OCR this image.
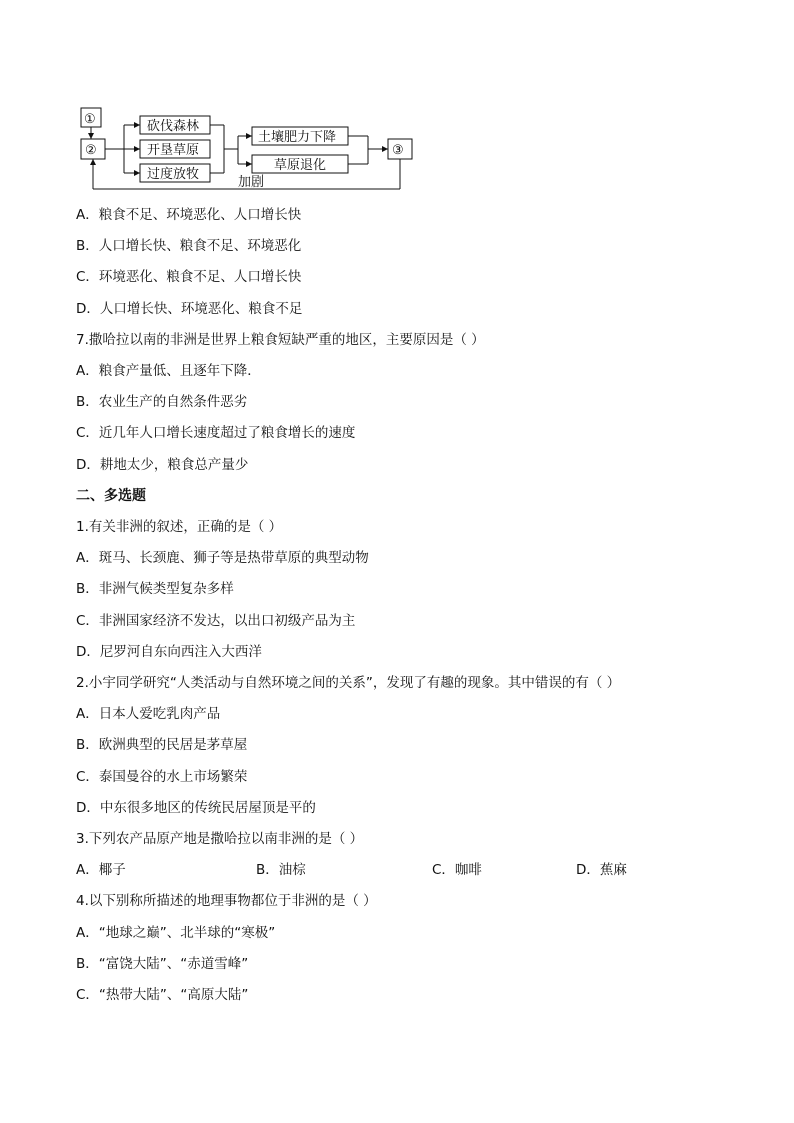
①
②	③
砍伐森林
开垦草原
过度放牧
土壤肥力下降
草原退化
加剧
A．粮食不足、环境恶化、人口增长快
B．人口增长快、粮食不足、环境恶化
C．环境恶化、粮食不足、人口增长快
D．人口增长快、环境恶化、粮食不足
7.撒哈拉以南的非洲是世界上粮食短缺严重的地区，主要原因是（ ）
A．粮食产量低、且逐年下降．
B．农业生产的自然条件恶劣
C．近几年人口增长速度超过了粮食增长的速度
D．耕地太少，粮食总产量少
二、多选题
1.有关非洲的叙述，正确的是（ ）
A．斑马、长颈鹿、狮子等是热带草原的典型动物
B．非洲气候类型复杂多样
C．非洲国家经济不发达，以出口初级产品为主
D．尼罗河自东向西注入大西洋
2.小宇同学研究“人类活动与自然环境之间的关系”，发现了有趣的现象。其中错误的有（ ）
A．日本人爱吃乳肉产品
B．欧洲典型的民居是茅草屋
C．泰国曼谷的水上市场繁荣
D．中东很多地区的传统民居屋顶是平的
3.下列农产品原产地是撒哈拉以南非洲的是（ ）
A．椰子	B．油棕	C．咖啡	D．蕉麻
4.以下别称所描述的地理事物都位于非洲的是（ ）
A．“地球之巅”、北半球的“寒极”
B．“富饶大陆”、“赤道雪峰”
C．“热带大陆”、“高原大陆”
